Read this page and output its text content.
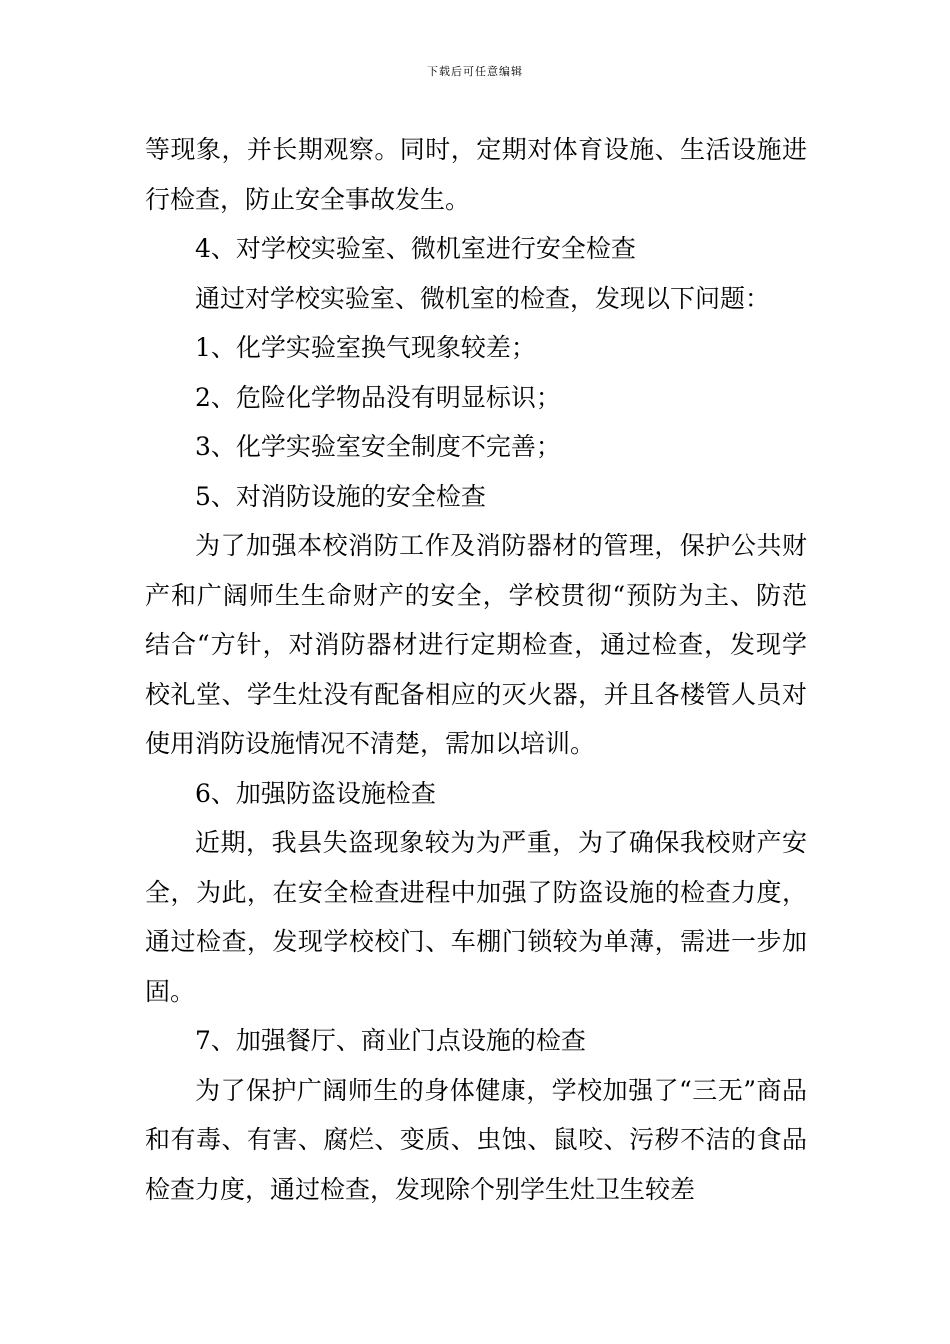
下载后可任意编辑

等现象，并长期观察。同时，定期对体育设施、生活设施进行检查，防止安全事故发生。

4、对学校实验室、微机室进行安全检查

通过对学校实验室、微机室的检查，发现以下问题：

1、化学实验室换气现象较差；

2、危险化学物品没有明显标识；

3、化学实验室安全制度不完善；

5、对消防设施的安全检查

为了加强本校消防工作及消防器材的管理，保护公共财产和广阔师生生命财产的安全，学校贯彻“预防为主、防范结合“方针，对消防器材进行定期检查，通过检查，发现学校礼堂、学生灶没有配备相应的灭火器，并且各楼管人员对使用消防设施情况不清楚，需加以培训。

6、加强防盗设施检查

近期，我县失盗现象较为为严重，为了确保我校财产安全，为此，在安全检查进程中加强了防盗设施的检查力度，通过检查，发现学校校门、车棚门锁较为单薄，需进一步加固。

7、加强餐厅、商业门点设施的检查

为了保护广阔师生的身体健康，学校加强了“三无”商品和有毒、有害、腐烂、变质、虫蚀、鼠咬、污秽不洁的食品检查力度，通过检查，发现除个别学生灶卫生较差
